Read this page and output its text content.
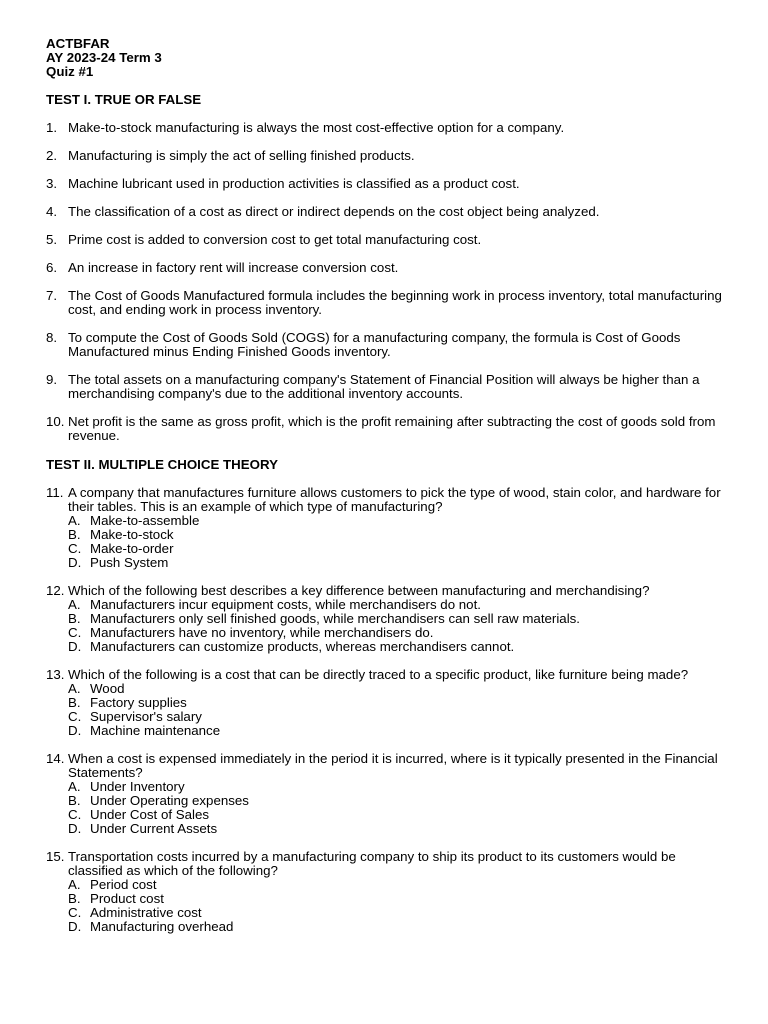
ACTBFAR
AY 2023-24 Term 3
Quiz #1
TEST I. TRUE OR FALSE
1. Make-to-stock manufacturing is always the most cost-effective option for a company.
2. Manufacturing is simply the act of selling finished products.
3. Machine lubricant used in production activities is classified as a product cost.
4. The classification of a cost as direct or indirect depends on the cost object being analyzed.
5. Prime cost is added to conversion cost to get total manufacturing cost.
6. An increase in factory rent will increase conversion cost.
7. The Cost of Goods Manufactured formula includes the beginning work in process inventory, total manufacturing cost, and ending work in process inventory.
8. To compute the Cost of Goods Sold (COGS) for a manufacturing company, the formula is Cost of Goods Manufactured minus Ending Finished Goods inventory.
9. The total assets on a manufacturing company's Statement of Financial Position will always be higher than a merchandising company's due to the additional inventory accounts.
10. Net profit is the same as gross profit, which is the profit remaining after subtracting the cost of goods sold from revenue.
TEST II. MULTIPLE CHOICE THEORY
11. A company that manufactures furniture allows customers to pick the type of wood, stain color, and hardware for their tables. This is an example of which type of manufacturing?
A. Make-to-assemble
B. Make-to-stock
C. Make-to-order
D. Push System
12. Which of the following best describes a key difference between manufacturing and merchandising?
A. Manufacturers incur equipment costs, while merchandisers do not.
B. Manufacturers only sell finished goods, while merchandisers can sell raw materials.
C. Manufacturers have no inventory, while merchandisers do.
D. Manufacturers can customize products, whereas merchandisers cannot.
13. Which of the following is a cost that can be directly traced to a specific product, like furniture being made?
A. Wood
B. Factory supplies
C. Supervisor's salary
D. Machine maintenance
14. When a cost is expensed immediately in the period it is incurred, where is it typically presented in the Financial Statements?
A. Under Inventory
B. Under Operating expenses
C. Under Cost of Sales
D. Under Current Assets
15. Transportation costs incurred by a manufacturing company to ship its product to its customers would be classified as which of the following?
A. Period cost
B. Product cost
C. Administrative cost
D. Manufacturing overhead
